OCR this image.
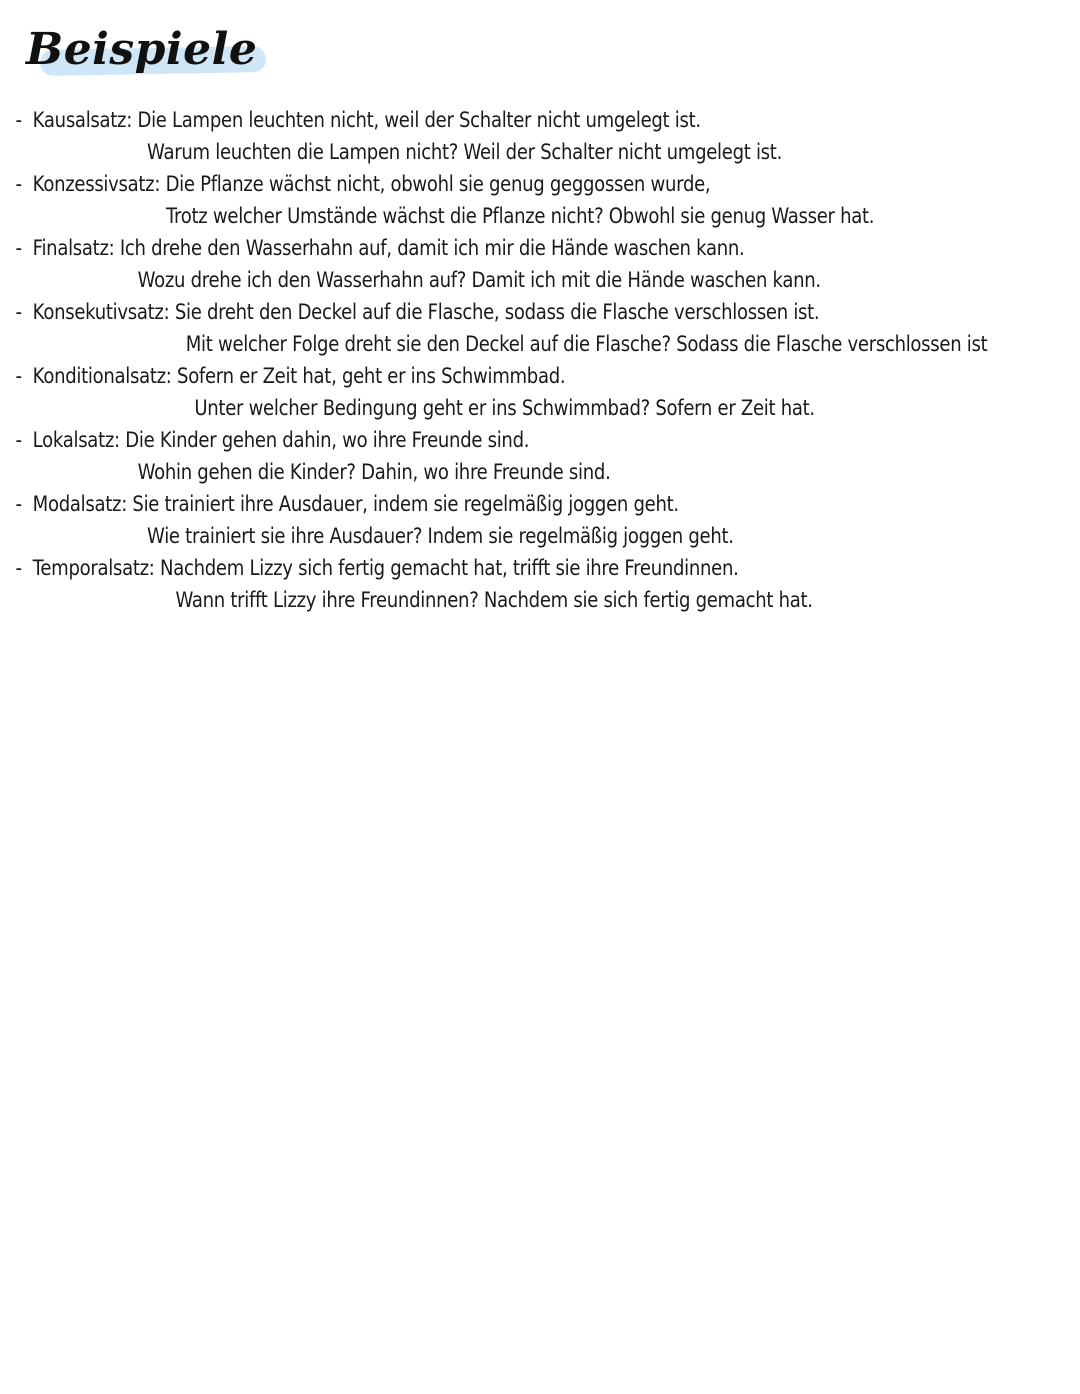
Beispiele
- Kausalsatz: Die Lampen leuchten nicht, weil der Schalter nicht umgelegt ist.
Warum leuchten die Lampen nicht? Weil der Schalter nicht umgelegt ist.
- Konzessivsatz: Die Pflanze wächst nicht, obwohl sie genug geggossen wurde,
Trotz welcher Umstände wächst die Pflanze nicht? Obwohl sie genug Wasser hat.
- Finalsatz: Ich drehe den Wasserhahn auf, damit ich mir die Hände waschen kann.
Wozu drehe ich den Wasserhahn auf? Damit ich mit die Hände waschen kann.
- Konsekutivsatz: Sie dreht den Deckel auf die Flasche, sodass die Flasche verschlossen ist.
Mit welcher Folge dreht sie den Deckel auf die Flasche? Sodass die Flasche verschlossen ist
- Konditionalsatz: Sofern er Zeit hat, geht er ins Schwimmbad.
Unter welcher Bedingung geht er ins Schwimmbad? Sofern er Zeit hat.
- Lokalsatz: Die Kinder gehen dahin, wo ihre Freunde sind.
Wohin gehen die Kinder? Dahin, wo ihre Freunde sind.
- Modalsatz: Sie trainiert ihre Ausdauer, indem sie regelmäßig joggen geht.
Wie trainiert sie ihre Ausdauer? Indem sie regelmäßig joggen geht.
- Temporalsatz: Nachdem Lizzy sich fertig gemacht hat, trifft sie ihre Freundinnen.
Wann trifft Lizzy ihre Freundinnen? Nachdem sie sich fertig gemacht hat.
